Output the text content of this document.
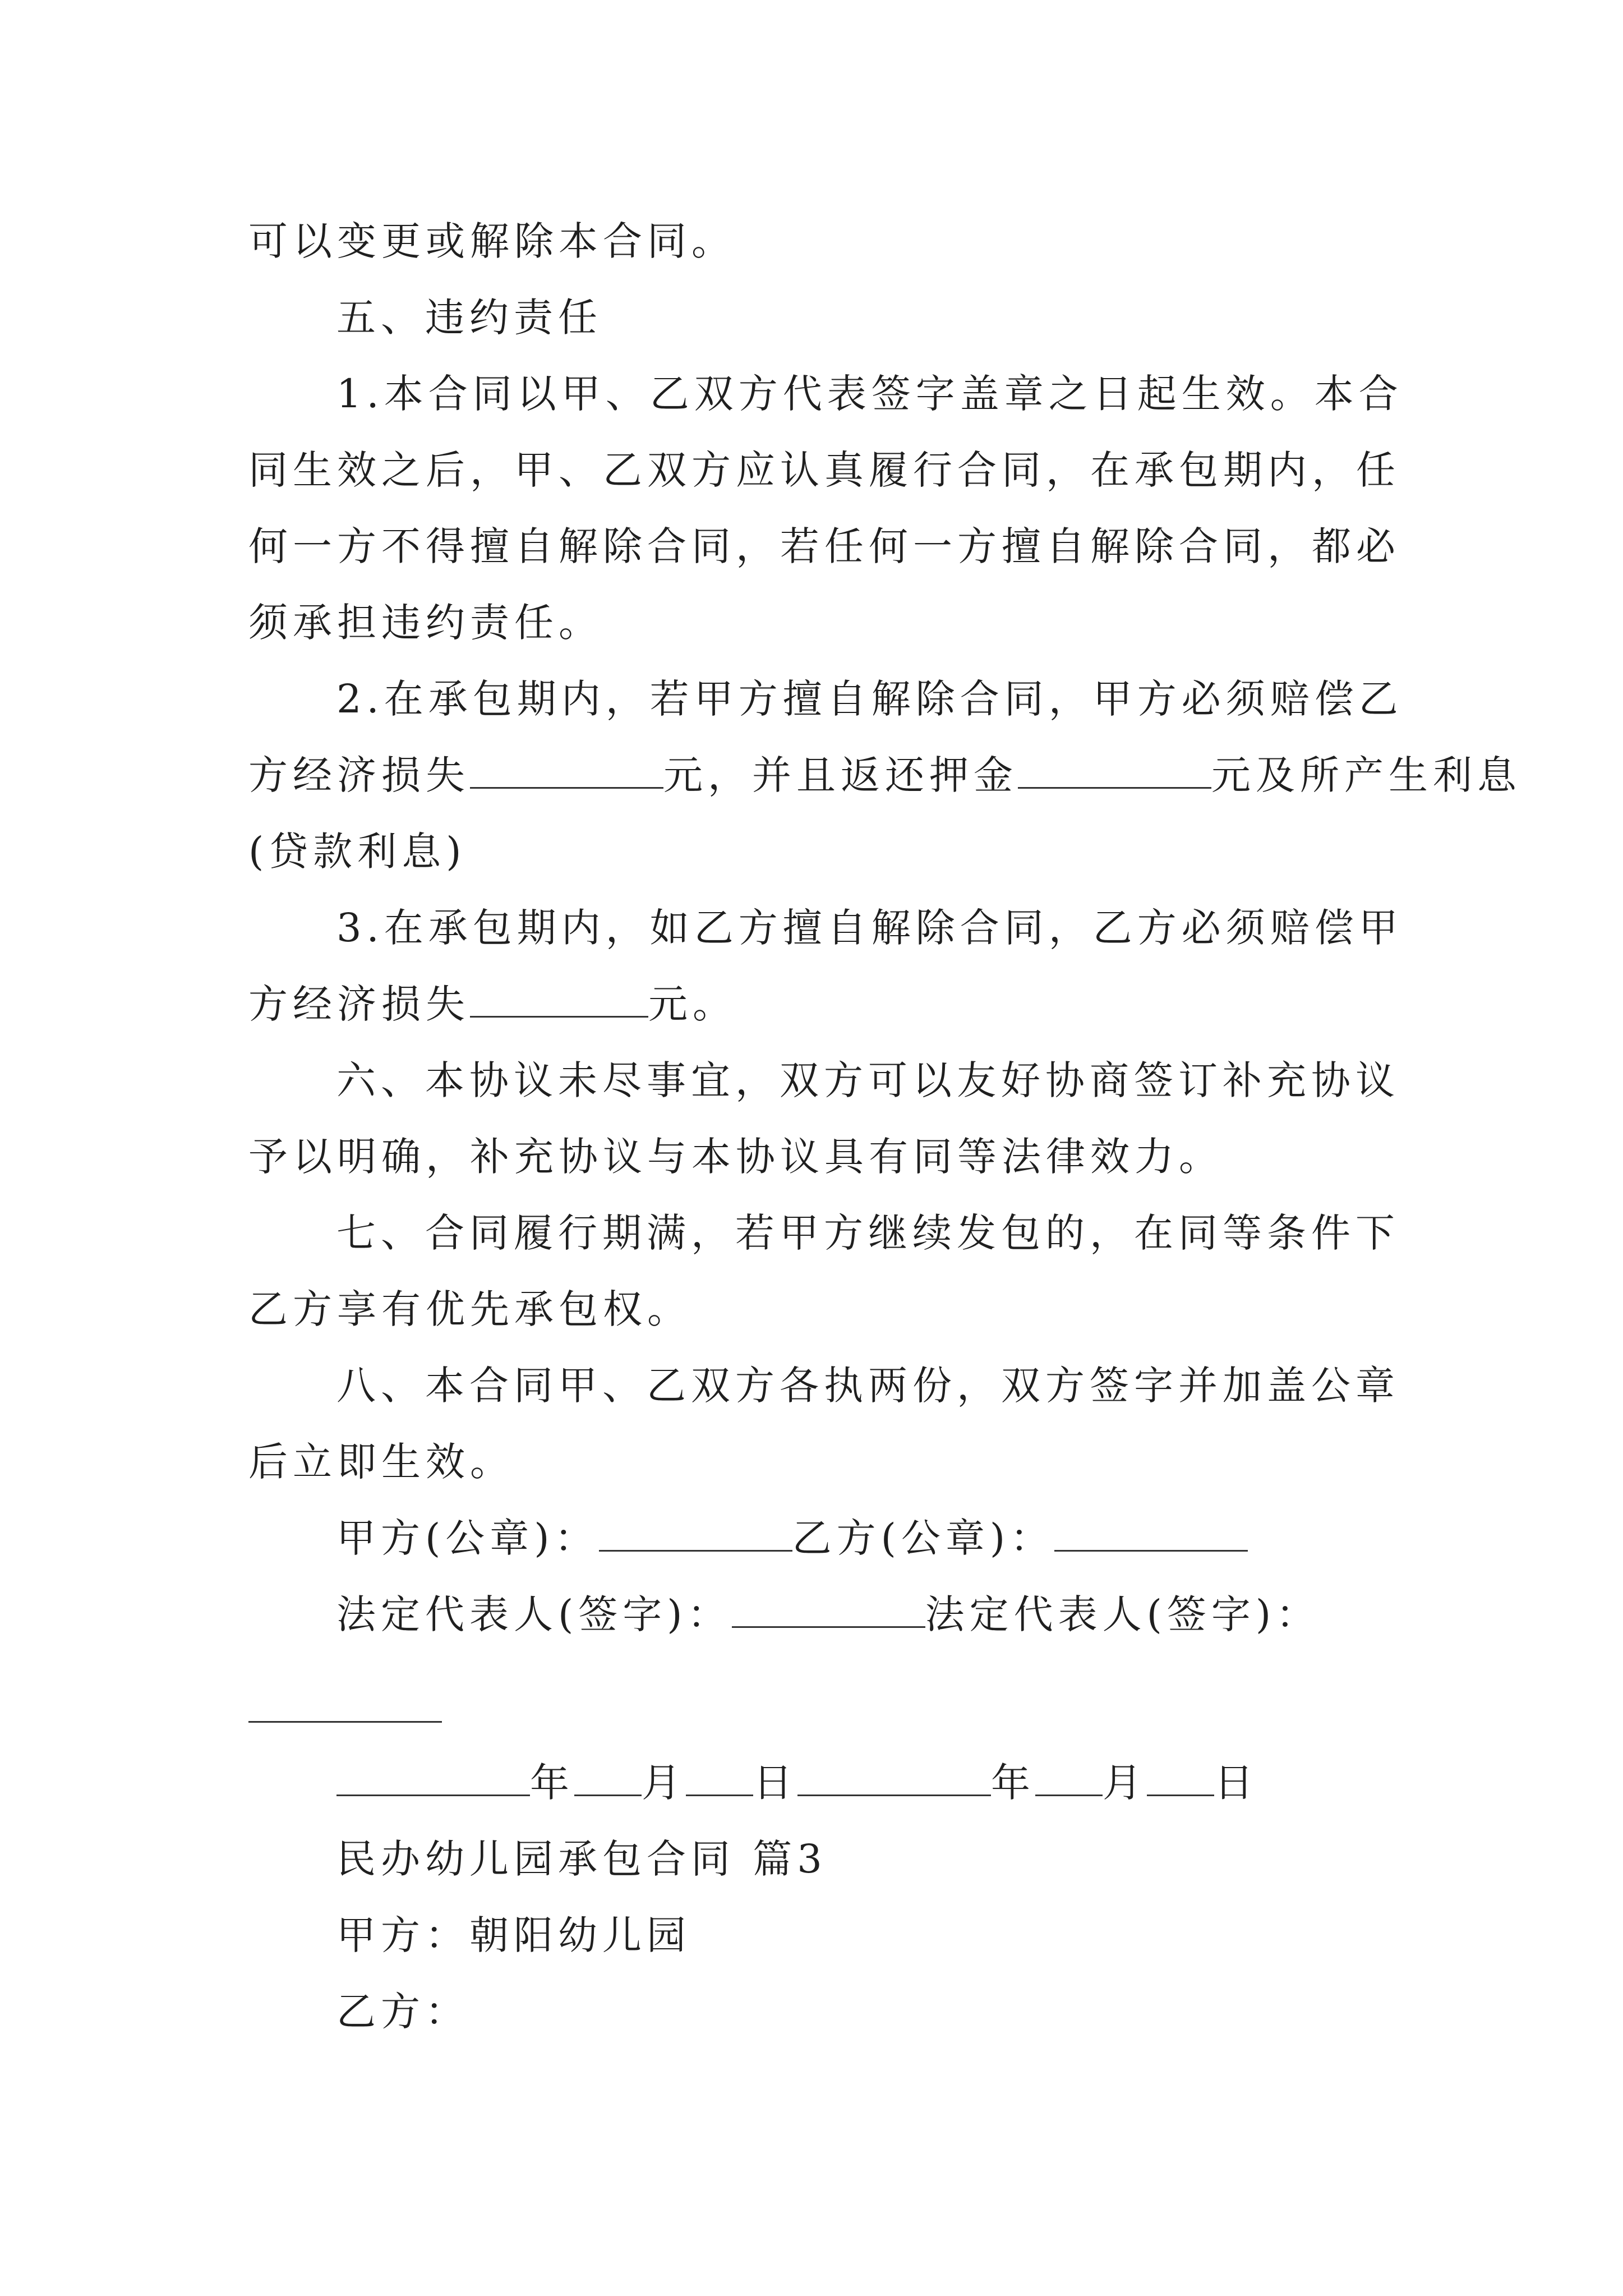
可以变更或解除本合同。
五、违约责任
1.本合同以甲、乙双方代表签字盖章之日起生效。本合
同生效之后，甲、乙双方应认真履行合同，在承包期内，任
何一方不得擅自解除合同，若任何一方擅自解除合同，都必
须承担违约责任。
2.在承包期内，若甲方擅自解除合同，甲方必须赔偿乙
方经济损失	元，并且返还押金	元及所产生利息
(贷款利息)
3.在承包期内，如乙方擅自解除合同，乙方必须赔偿甲
方经济损失	元。
六、本协议未尽事宜，双方可以友好协商签订补充协议
予以明确，补充协议与本协议具有同等法律效力。
七、合同履行期满，若甲方继续发包的，在同等条件下
乙方享有优先承包权。
八、本合同甲、乙双方各执两份，双方签字并加盖公章
后立即生效。
甲方(公章)：	乙方(公章)：
法定代表人(签字)：	法定代表人(签字)：
年 月 日	年 月 日
民办幼儿园承包合同 篇3
甲方：朝阳幼儿园
乙方：
